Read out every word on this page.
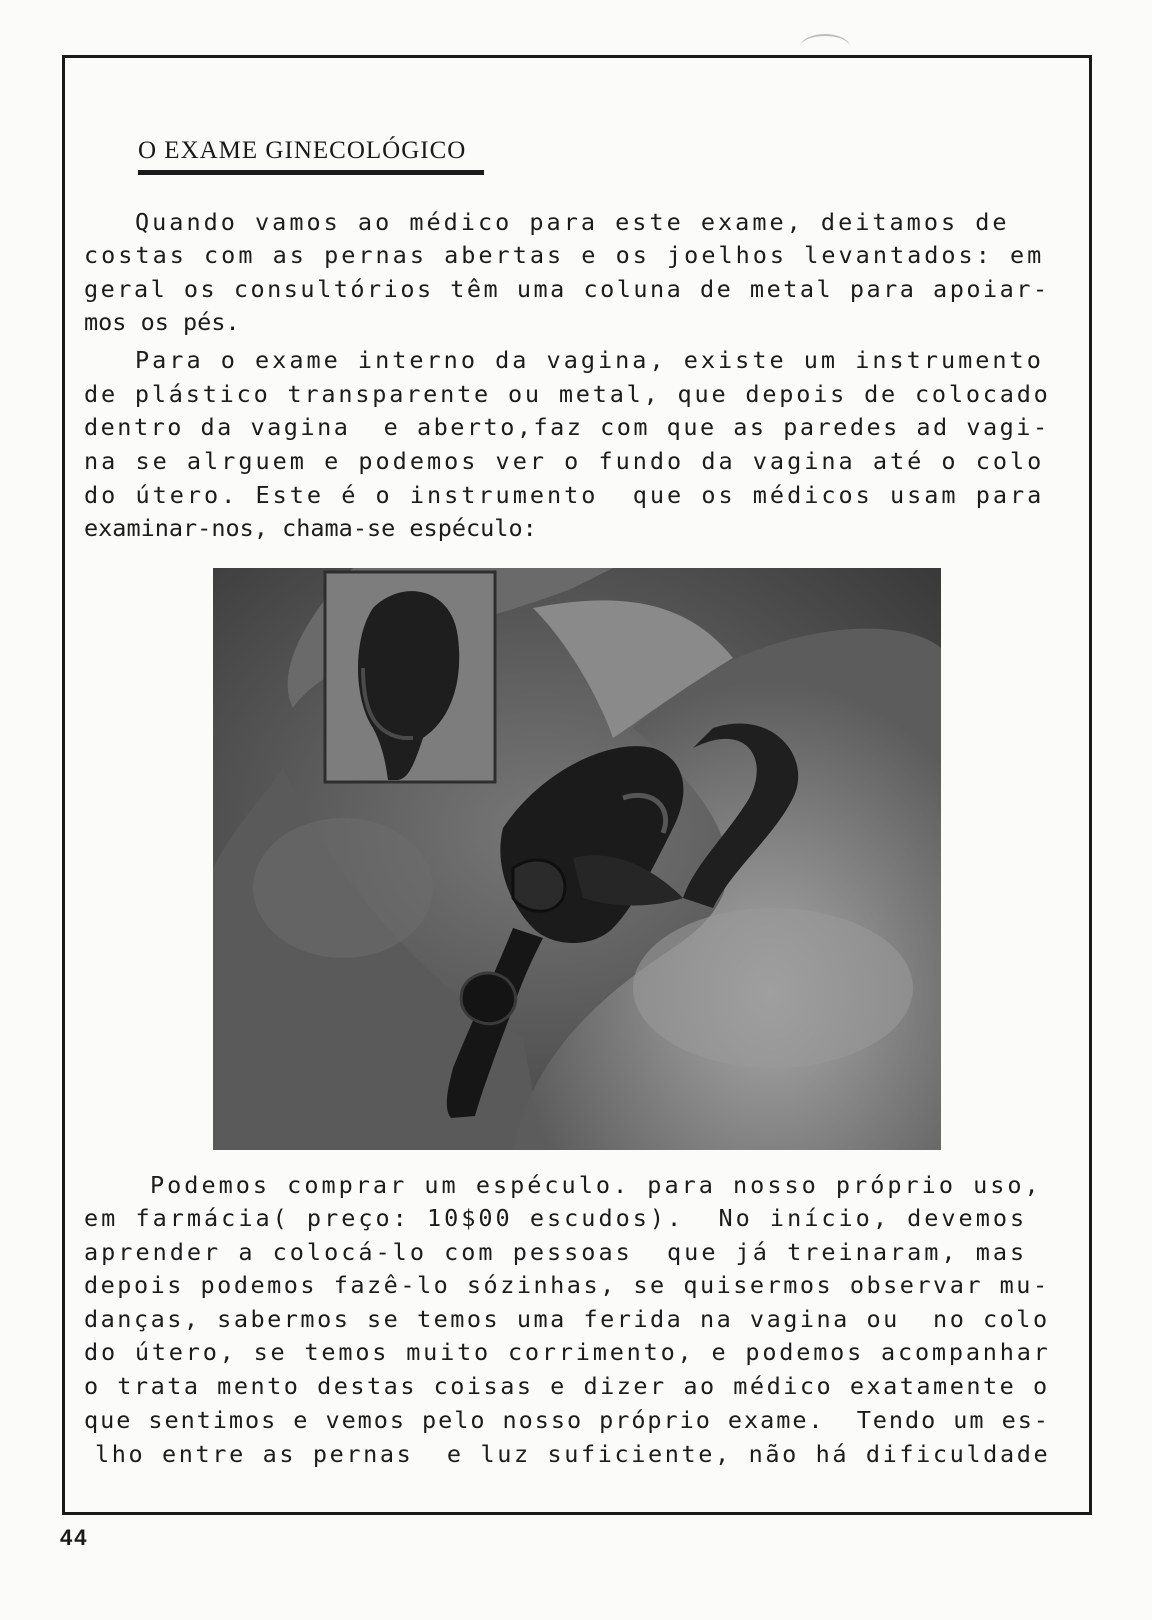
O EXAME GINECOLÓGICO
Quando vamos ao médico para este exame, deitamos de
costas com as pernas abertas e os joelhos levantados: em
geral os consultórios têm uma coluna de metal para apoiar-
mos os pés.
Para o exame interno da vagina, existe um instrumento
de plástico transparente ou metal, que depois de colocado
dentro da vagina  e aberto,faz com que as paredes ad vagi-
na se alrguem e podemos ver o fundo da vagina até o colo
do útero. Este é o instrumento  que os médicos usam para
examinar-nos, chama-se espéculo:
Podemos comprar um espéculo. para nosso próprio uso,
em farmácia( preço: 10$00 escudos).  No início, devemos
aprender a colocá-lo com pessoas  que já treinaram, mas
depois podemos fazê-lo sózinhas, se quisermos observar mu-
danças, sabermos se temos uma ferida na vagina ou  no colo
do útero, se temos muito corrimento, e podemos acompanhar
o trata mento destas coisas e dizer ao médico exatamente o
que sentimos e vemos pelo nosso próprio exame.  Tendo um es-
lho entre as pernas  e luz suficiente, não há dificuldade
44
